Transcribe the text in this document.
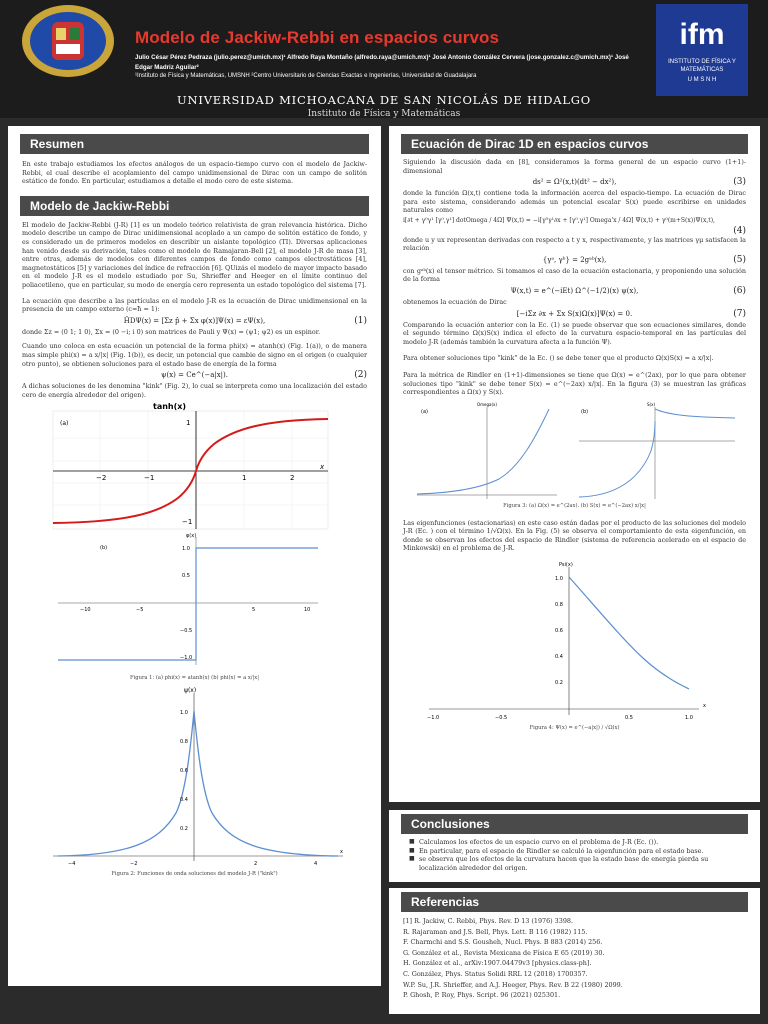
Modelo de Jackiw-Rebbi en espacios curvos
Julio César Pérez Pedraza (julio.perez@umich.mx)¹ Alfredo Raya Montaño (alfredo.raya@umich.mx)¹ José Antonio González Cervera (jose.gonzalez.c@umich.mx)¹ José Edgar Madriz Aguilar²
¹Instituto de Física y Matemáticas, UMSNH ²Centro Universitario de Ciencias Exactas e Ingenierías, Universidad de Guadalajara
ifm
INSTITUTO DE FÍSICA Y MATEMÁTICAS
U M S N H
UNIVERSIDAD MICHOACANA DE SAN NICOLÁS DE HIDALGO
Instituto de Física y Matemáticas
Resumen
En este trabajo estudiamos los efectos análogos de un espacio-tiempo curvo con el modelo de Jackiw-Rebbi, el cual describe el acoplamiento del campo unidimensional de Dirac con un campo de solitón estático de fondo. En particular, estudiamos a detalle el modo cero de este sistema.
Modelo de Jackiw-Rebbi
El modelo de Jackiw-Rebbi (J-R) [1] es un modelo teórico relativista de gran relevancia histórica. Dicho modelo describe un campo de Dirac unidimensional acoplado a un campo de solitón estático de fondo, y es considerado un de primeros modelos en describir un aislante topológico (TI). Diversas aplicaciones han venido desde su derivación, tales como el modelo de Ramajaran-Bell [2], el modelo J-R de masa [3], entre otras, además de modelos con diferentes campos de fondo como campos electrostáticos [4], magnetostáticos [5] y variaciones del índice de refracción [6]. QUizás el modelo de mayor impacto basado en el modelo J-R es el modelo estudiado por Su, Shrieffer and Heeger en el límite continuo del poliacetileno, que en particular, su modo de energía cero representa un estado topológico del sistema [7].
La ecuación que describe a las partículas en el modelo J-R es la ecuación de Dirac unidimensional en la presencia de un campo externo (c=ħ = 1):
ĤDΨ(x) = [Σz p̂ + Σx φ(x)]Ψ(x) = εΨ(x),	(1)
donde Σz = (0 1; 1 0), Σx = (0 −i; i 0) son matrices de Pauli y Ψ(x) = (ψ1; ψ2) es un espinor.
Cuando uno coloca en esta ecuación un potencial de la forma phi(x) = atanh(x) (Fig. 1(a)), o de manera mas simple phi(x) = a x/|x| (Fig. 1(b)), es decir, un potencial que cambie de signo en el origen (o cualquier otro punto), se obtienen soluciones para el estado base de energía de la forma
ψ(x) = Ce^(−a|x|).	(2)
A dichas soluciones de les denomina "kink" (Fig. 2), lo cual se interpreta como una localización del estado cero de energía alrededor del origen).
(a)
tanh(x)
−2	−1	1	2
1
−1
x
(b)
φ(x)
−10	−5	5	10
1.0
0.5
−0.5
−1.0
Figura 1: (a) phi(x) = atanh(x) (b) phi(x) = a x/|x|
ψ(x)
1.0
0.8
0.6
0.4
0.2
−4	−2	2	4
x
Figura 2: Funciones de onda soluciones del modelo J-R ("kink")
Ecuación de Dirac 1D en espacios curvos
Siguiendo la discusión dada en [8], consideramos la forma general de un espacio curvo (1+1)-dimensional
ds² = Ω²(x,t)(dt² − dx²),	(3)
donde la función Ω(x,t) contiene toda la información acerca del espacio-tiempo. La ecuación de Dirac para este sistema, considerando además un potencial escalar S(x) puede escribirse en unidades naturales como
i[∂t + γ⁰γ¹ [γ⁰,γ¹] dotOmega / 4Ω] Ψ(x,t) = −i[γ⁰γ¹∂x + [γ⁰,γ¹] Omega'x / 4Ω] Ψ(x,t) + γ⁰(m+S(x))Ψ(x,t),
(4)
donde u y ux representan derivadas con respecto a t y x, respectivamente, y las matrices γμ satisfacen la relación
{γᵃ, γᵇ} = 2gᵃᵇ(x),	(5)
con gᵃᵇ(x) el tensor métrico. Si tomamos el caso de la ecuación estacionaria, y proponiendo una solución de la forma
Ψ(x,t) = e^(−iEt) Ω^(−1/2)(x) ψ(x),	(6)
obtenemos la ecuación de Dirac
[−iΣz ∂x + Σx S(x)Ω(x)]Ψ(x) = 0.	(7)
Comparando la ecuación anterior con la Ec. (1) se puede observar que son ecuaciones similares, donde el segundo término Ω(x)S(x) indica el efecto de la curvatura espacio-temporal en las partículas del modelo J-R (además también la curvatura afecta a la función Ψ).
Para obtener soluciones tipo "kink" de la Ec. () se debe tener que el producto Ω(x)S(x) = a x/|x|.
Para la métrica de Rindler en (1+1)-dimensiones se tiene que Ω(x) = e^(2ax), por lo que para obtener soluciones tipo "kink" se debe tener S(x) = e^(−2ax) x/|x|. En la figura (3) se muestran las gráficas correspondientes a Ω(x) y S(x).
(a)
Omega(x)
(b)
S(x)
Figura 3: (a) Ω(x) = e^(2ax). (b) S(x) = e^(−2ax) x/|x|
Las eigenfunciones (estacionarias) en este caso están dadas por el producto de las soluciones del modelo J-R (Ec. ) con el término 1/√Ω(x). En la Fig. (5) se observa el comportamiento de esta eigenfunción, en donde se observan los efectos del espacio de Rindler (sistema de referencia acelerado en el espacio de Minkowski) en el problema de J-R.
Psi(x)
1.0
0.8
0.6
0.4
0.2
−1.0	−0.5	0.5	1.0
x
Figura 4: Ψ(x) = e^(−a|x|) / √Ω(x)
Conclusiones
■ Calculamos los efectos de un espacio curvo en el problema de J-R (Ec. ()).
■ En particular, para el espacio de Rindler se calculó la eigenfunción para el estado base.
■ se observa que los efectos de la curvatura hacen que la estado base de energía pierda su localización alrededor del origen.
Referencias
[1] R. Jackiw, C. Rebbi, Phys. Rev. D 13 (1976) 3398.
R. Rajaraman and J.S. Bell, Phys. Lett. B 116 (1982) 115.
F. Charmchi and S.S. Gousheh, Nucl. Phys. B 883 (2014) 256.
G. González et al., Revista Mexicana de Física E 65 (2019) 30.
H. González et al., arXiv:1907.04479v3 [physics.class-ph].
C. González, Phys. Status Solidi RRL 12 (2018) 1700357.
W.P. Su, J.R. Shrieffer, and A.J. Heeger, Phys. Rev. B 22 (1980) 2099.
P. Ghosh, P. Roy, Phys. Script. 96 (2021) 025301.
